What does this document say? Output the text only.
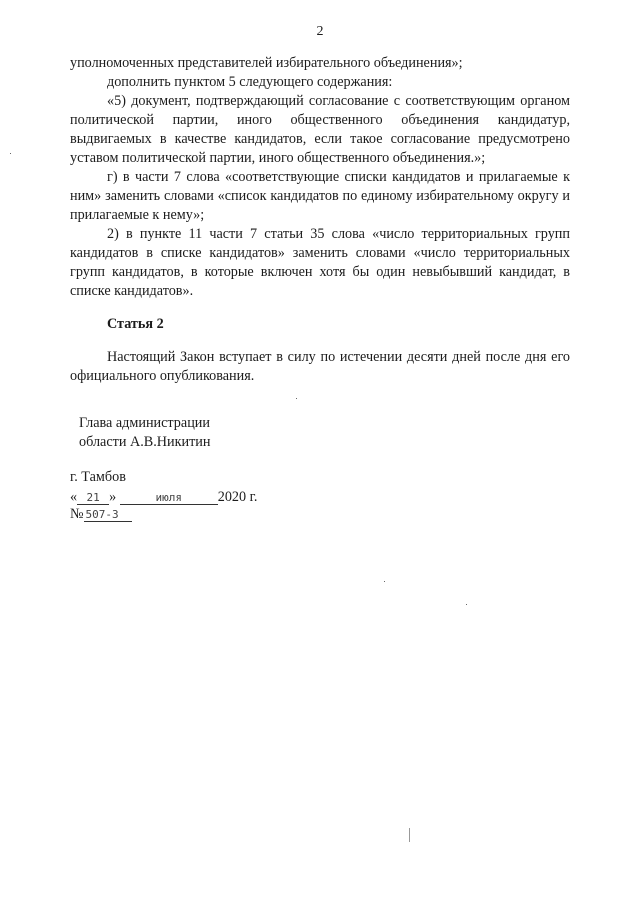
2

уполномоченных представителей избирательного объединения»;

дополнить пунктом 5 следующего содержания:

«5) документ, подтверждающий согласование с соответствующим органом политической партии, иного общественного объединения кандидатур, выдвигаемых в качестве кандидатов, если такое согласование предусмотрено уставом политической партии, иного общественного объединения.»;

г) в части 7 слова «соответствующие списки кандидатов и прилагаемые к ним» заменить словами «список кандидатов по единому избирательному округу и прилагаемые к нему»;

2) в пункте 11 части 7 статьи 35 слова «число территориальных групп кандидатов в списке кандидатов» заменить словами «число территориальных групп кандидатов, в которые включен хотя бы один невыбывший кандидат, в списке кандидатов».

Статья 2

Настоящий Закон вступает в силу по истечении десяти дней после дня его официального опубликования.

Глава администрации
области А.В.Никитин
г. Тамбов
« 21 »	июля	2020 г.
№ 507-З
